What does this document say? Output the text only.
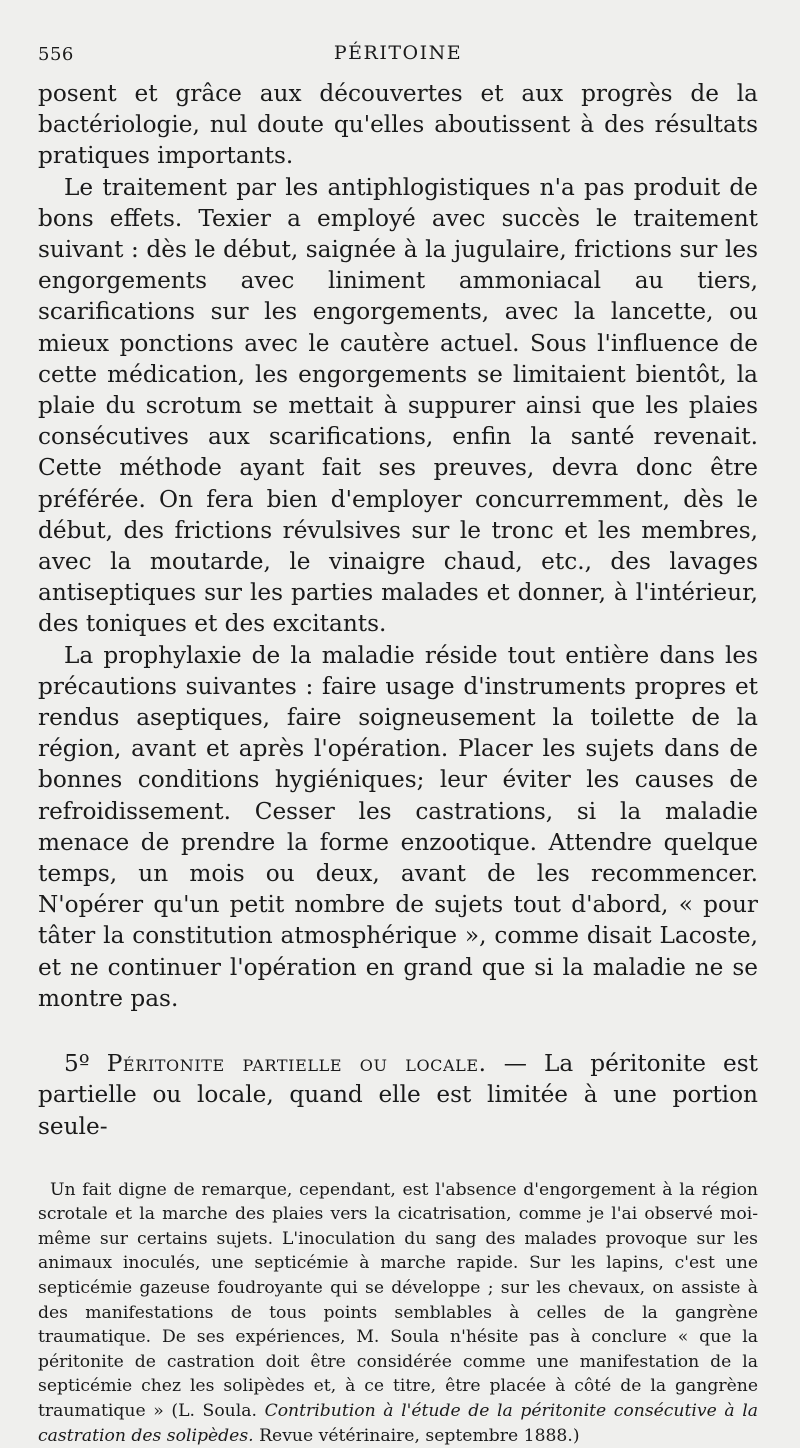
556	PÉRITOINE

posent et grâce aux découvertes et aux progrès de la bactériologie, nul doute qu'elles aboutissent à des résultats pratiques importants.

Le traitement par les antiphlogistiques n'a pas produit de bons effets. Texier a employé avec succès le traitement suivant : dès le début, saignée à la jugulaire, frictions sur les engorgements avec liniment ammoniacal au tiers, scarifications sur les engorgements, avec la lancette, ou mieux ponctions avec le cautère actuel. Sous l'influence de cette médication, les engorgements se limitaient bientôt, la plaie du scrotum se mettait à suppurer ainsi que les plaies consécutives aux scarifications, enfin la santé revenait. Cette méthode ayant fait ses preuves, devra donc être préférée. On fera bien d'employer concurremment, dès le début, des frictions révulsives sur le tronc et les membres, avec la moutarde, le vinaigre chaud, etc., des lavages antiseptiques sur les parties malades et donner, à l'intérieur, des toniques et des excitants.

La prophylaxie de la maladie réside tout entière dans les précautions suivantes : faire usage d'instruments propres et rendus aseptiques, faire soigneusement la toilette de la région, avant et après l'opération. Placer les sujets dans de bonnes conditions hygiéniques; leur éviter les causes de refroidissement. Cesser les castrations, si la maladie menace de prendre la forme enzootique. Attendre quelque temps, un mois ou deux, avant de les recommencer. N'opérer qu'un petit nombre de sujets tout d'abord, « pour tâter la constitution atmosphérique », comme disait Lacoste, et ne continuer l'opération en grand que si la maladie ne se montre pas.

5º Péritonite partielle ou locale. — La péritonite est partielle ou locale, quand elle est limitée à une portion seule-
Un fait digne de remarque, cependant, est l'absence d'engorgement à la région scrotale et la marche des plaies vers la cicatrisation, comme je l'ai observé moi-même sur certains sujets. L'inoculation du sang des malades provoque sur les animaux inoculés, une septicémie à marche rapide. Sur les lapins, c'est une septicémie gazeuse foudroyante qui se développe ; sur les chevaux, on assiste à des manifestations de tous points semblables à celles de la gangrène traumatique. De ses expériences, M. Soula n'hésite pas à conclure « que la péritonite de castration doit être considérée comme une manifestation de la septicémie chez les solipèdes et, à ce titre, être placée à côté de la gangrène traumatique » (L. Soula. Contribution à l'étude de la péritonite consécutive à la castration des solipèdes. Revue vétérinaire, septembre 1888.)
